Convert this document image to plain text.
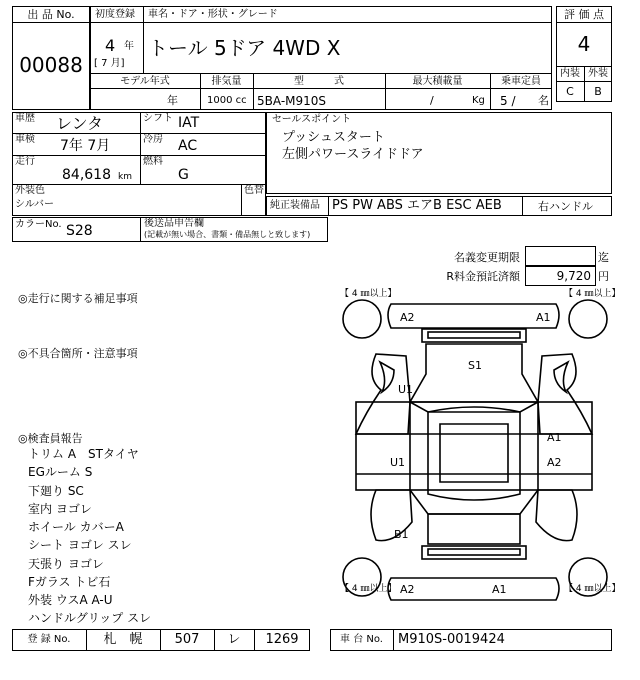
出 品 No.
00088
初度登録 車名・ドア・形状・グレード
4 年
[ 7 月]
トール 5ドア 4WD X
モデル年式	排気量	型　　　式	最大積載量	乗車定員
年	1000 cc 5BA-M910S	/	Kg 5 / 名
評 価 点
4
内装 外装
C	B
車歴 レンタ	シフト IAT
車検 7年 7月	冷房 AC
走行
84,618 km
燃料
G
外装色
シルバー
色替
セールスポイント
プッシュスタート
左側パワースライドドア
純正装備品 PS PW ABS エアB ESC AEB	右ハンドル
カラーNo. S28	後送品申告欄
(記載が無い場合、書類・備品無しと致します)
名義変更期限	迄
R料金預託済額	9,720 円
◎走行に関する補足事項
◎不具合箇所・注意事項
◎検査員報告
トリム A　STタイヤ
EGルーム S
下廻り SC
室内 ヨゴレ
ホイール カバーA
シート ヨゴレ スレ
天張り ヨゴレ
Fガラス トビ石
外装 ウスA A-U
ハンドルグリップ スレ
【 4 ㎜以上】	【 4 ㎜以上】
【 4 ㎜以上】	【 4 ㎜以上】
A2	A1
S1
U1
A1
U1	A2
B1
A2	A1
登 録 No.	札　幌	507	レ	1269	車 台 No.	M910S-0019424
